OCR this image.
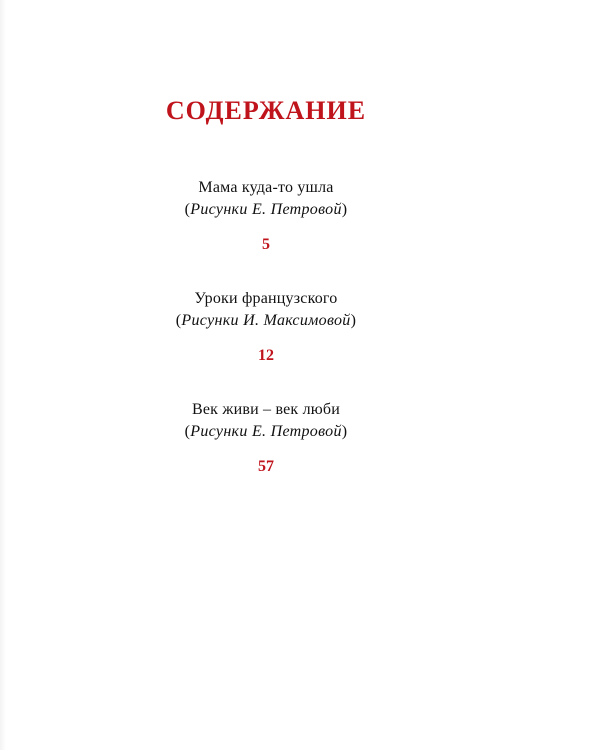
СОДЕРЖАНИЕ
Мама куда-то ушла
(Рисунки Е. Петровой)
5
Уроки французского
(Рисунки И. Максимовой)
12
Век живи – век люби
(Рисунки Е. Петровой)
57
